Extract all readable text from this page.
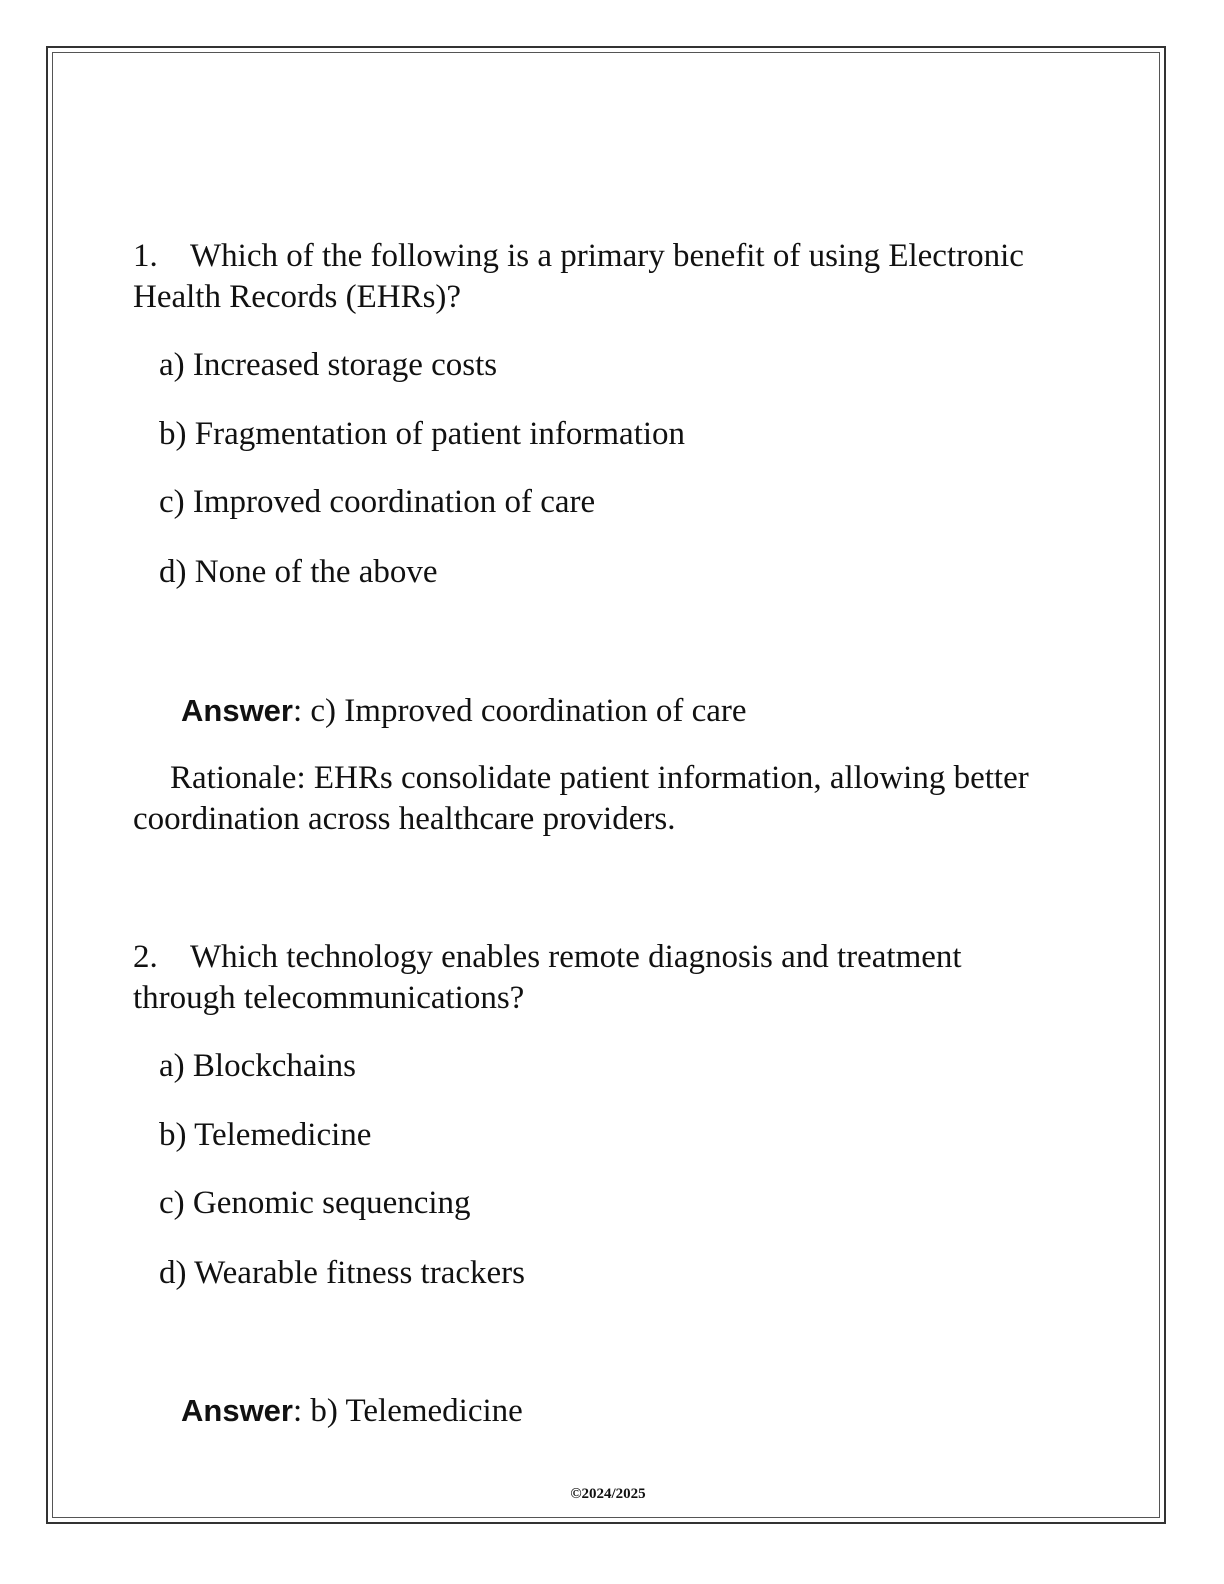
1. Which of the following is a primary benefit of using Electronic Health Records (EHRs)?
a) Increased storage costs
b) Fragmentation of patient information
c) Improved coordination of care
d) None of the above
Answer: c) Improved coordination of care
Rationale: EHRs consolidate patient information, allowing better coordination across healthcare providers.
2. Which technology enables remote diagnosis and treatment through telecommunications?
a) Blockchains
b) Telemedicine
c) Genomic sequencing
d) Wearable fitness trackers
Answer: b) Telemedicine
©2024/2025
